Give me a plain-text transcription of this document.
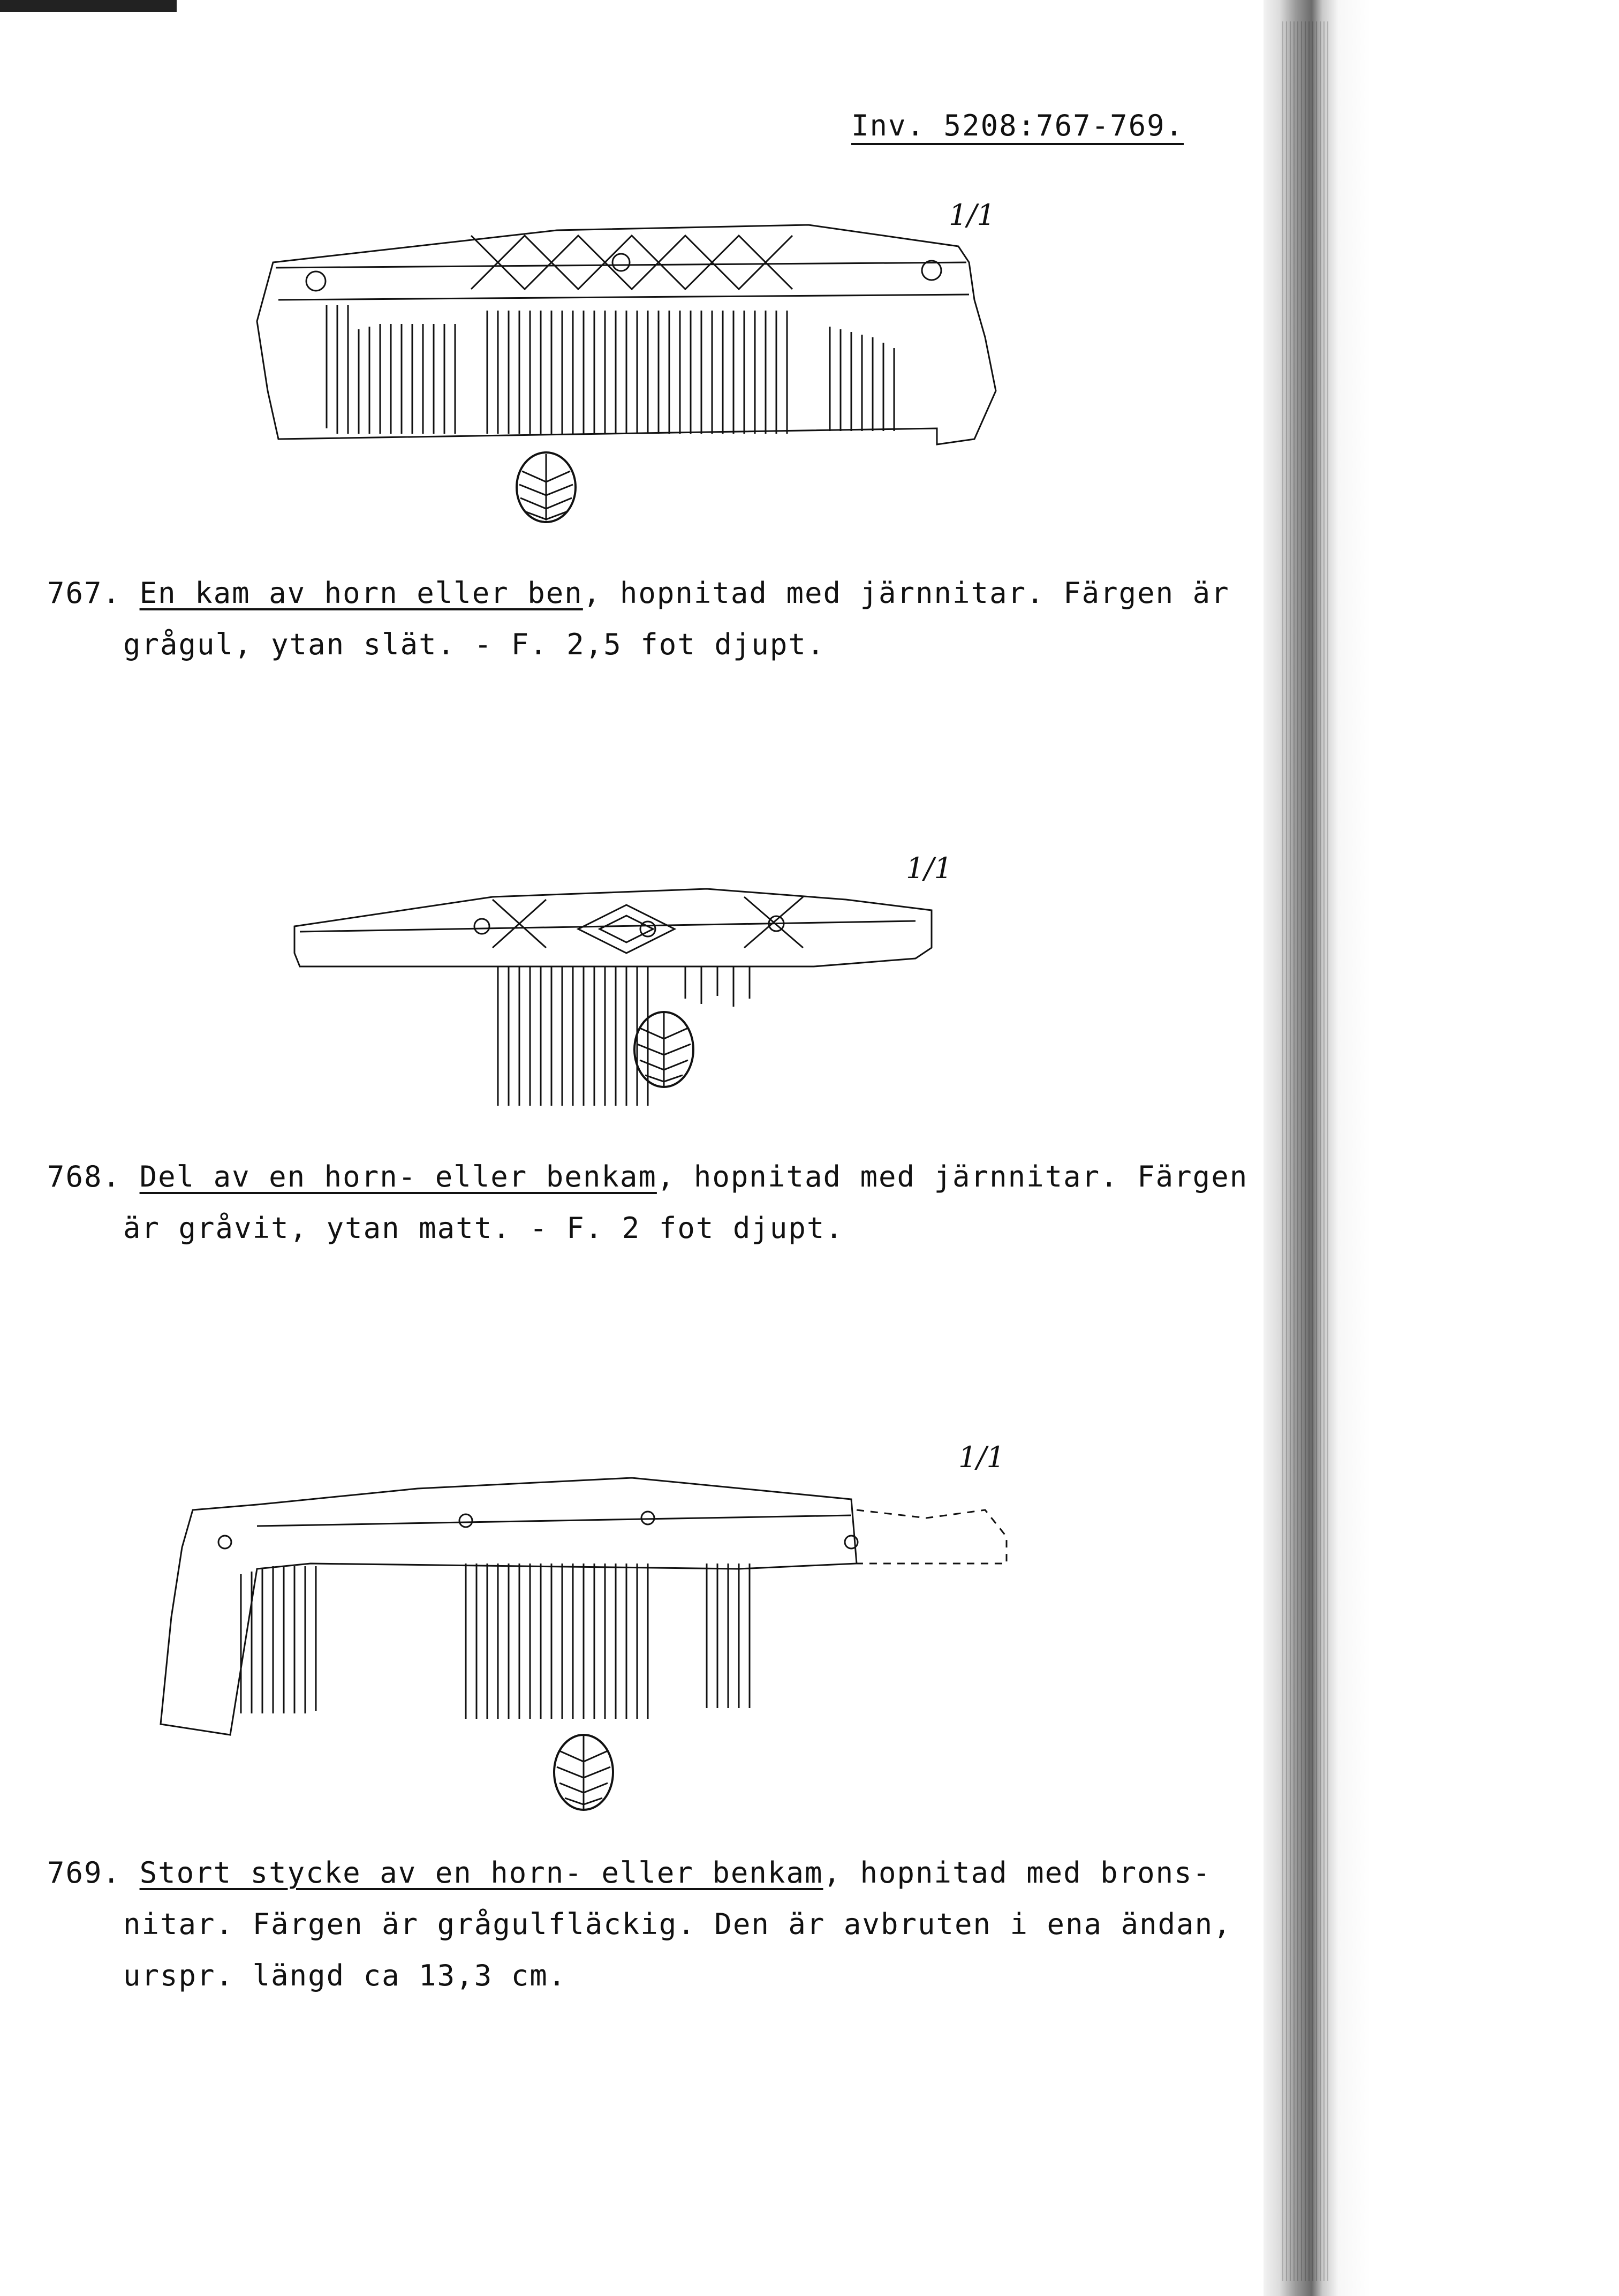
Inv. 5208:767-769.
1/1
767. En kam av horn eller ben, hopnitad med järnnitar. Färgen är
grågul, ytan slät. - F. 2,5 fot djupt.
1/1
768. Del av en horn- eller benkam, hopnitad med järnnitar. Färgen
är gråvit, ytan matt. - F. 2 fot djupt.
1/1
769. Stort stycke av en horn- eller benkam, hopnitad med brons-
nitar. Färgen är grågulfläckig. Den är avbruten i ena ändan,
urspr. längd ca 13,3 cm.
